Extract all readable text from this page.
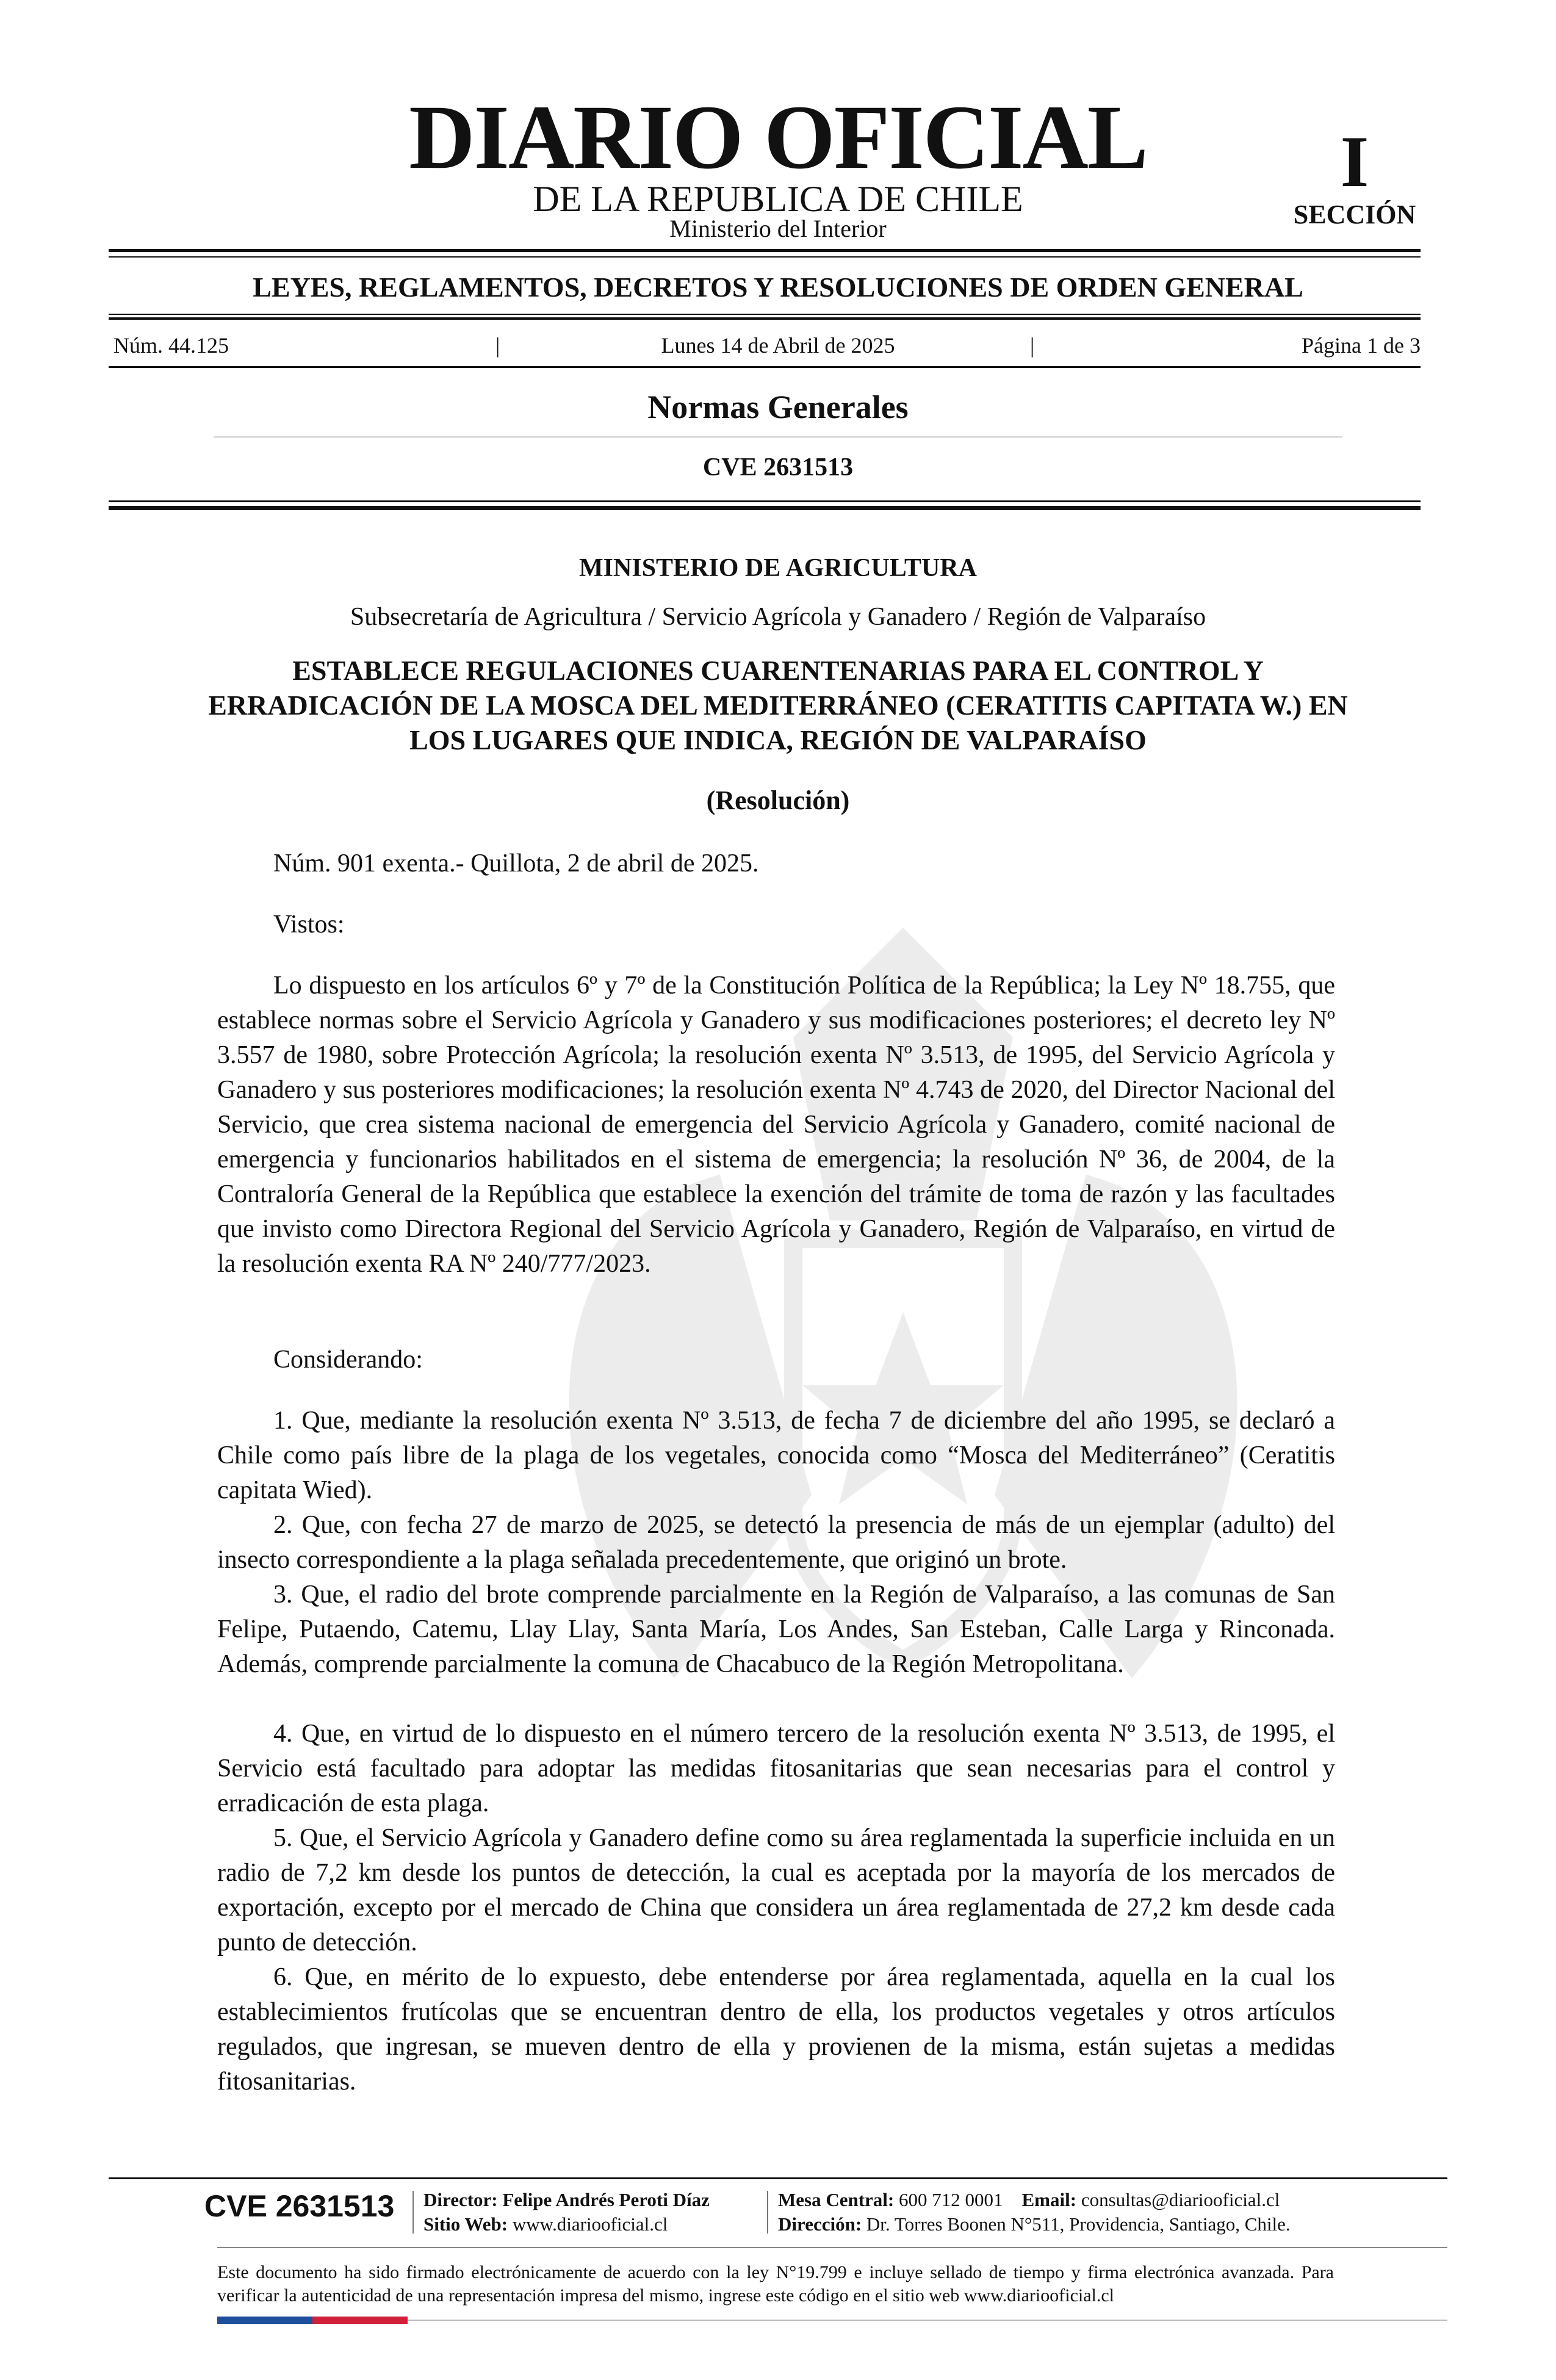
DIARIO OFICIAL
DE LA REPUBLICA DE CHILE
Ministerio del Interior
I
SECCIÓN
LEYES, REGLAMENTOS, DECRETOS Y RESOLUCIONES DE ORDEN GENERAL
Núm. 44.125	|	Lunes 14 de Abril de 2025	|	Página 1 de 3
Normas Generales
CVE 2631513
MINISTERIO DE AGRICULTURA
Subsecretaría de Agricultura / Servicio Agrícola y Ganadero / Región de Valparaíso
ESTABLECE REGULACIONES CUARENTENARIAS PARA EL CONTROL Y ERRADICACIÓN DE LA MOSCA DEL MEDITERRÁNEO (CERATITIS CAPITATA W.) EN LOS LUGARES QUE INDICA, REGIÓN DE VALPARAÍSO
(Resolución)
Núm. 901 exenta.- Quillota, 2 de abril de 2025.
Vistos:
Lo dispuesto en los artículos 6º y 7º de la Constitución Política de la República; la Ley Nº 18.755, que establece normas sobre el Servicio Agrícola y Ganadero y sus modificaciones posteriores; el decreto ley Nº 3.557 de 1980, sobre Protección Agrícola; la resolución exenta Nº 3.513, de 1995, del Servicio Agrícola y Ganadero y sus posteriores modificaciones; la resolución exenta Nº 4.743 de 2020, del Director Nacional del Servicio, que crea sistema nacional de emergencia del Servicio Agrícola y Ganadero, comité nacional de emergencia y funcionarios habilitados en el sistema de emergencia; la resolución Nº 36, de 2004, de la Contraloría General de la República que establece la exención del trámite de toma de razón y las facultades que invisto como Directora Regional del Servicio Agrícola y Ganadero, Región de Valparaíso, en virtud de la resolución exenta RA Nº 240/777/2023.
Considerando:
1. Que, mediante la resolución exenta Nº 3.513, de fecha 7 de diciembre del año 1995, se declaró a Chile como país libre de la plaga de los vegetales, conocida como “Mosca del Mediterráneo” (Ceratitis capitata Wied).
2. Que, con fecha 27 de marzo de 2025, se detectó la presencia de más de un ejemplar (adulto) del insecto correspondiente a la plaga señalada precedentemente, que originó un brote.
3. Que, el radio del brote comprende parcialmente en la Región de Valparaíso, a las comunas de San Felipe, Putaendo, Catemu, Llay Llay, Santa María, Los Andes, San Esteban, Calle Larga y Rinconada. Además, comprende parcialmente la comuna de Chacabuco de la Región Metropolitana.
4. Que, en virtud de lo dispuesto en el número tercero de la resolución exenta Nº 3.513, de 1995, el Servicio está facultado para adoptar las medidas fitosanitarias que sean necesarias para el control y erradicación de esta plaga.
5. Que, el Servicio Agrícola y Ganadero define como su área reglamentada la superficie incluida en un radio de 7,2 km desde los puntos de detección, la cual es aceptada por la mayoría de los mercados de exportación, excepto por el mercado de China que considera un área reglamentada de 27,2 km desde cada punto de detección.
6. Que, en mérito de lo expuesto, debe entenderse por área reglamentada, aquella en la cual los establecimientos frutícolas que se encuentran dentro de ella, los productos vegetales y otros artículos regulados, que ingresan, se mueven dentro de ella y provienen de la misma, están sujetas a medidas fitosanitarias.
CVE 2631513 Director: Felipe Andrés Peroti Díaz
Sitio Web: www.diariooficial.cl
Mesa Central: 600 712 0001 Email: consultas@diariooficial.cl
Dirección: Dr. Torres Boonen N°511, Providencia, Santiago, Chile.
Este documento ha sido firmado electrónicamente de acuerdo con la ley N°19.799 e incluye sellado de tiempo y firma electrónica avanzada. Para verificar la autenticidad de una representación impresa del mismo, ingrese este código en el sitio web www.diariooficial.cl
